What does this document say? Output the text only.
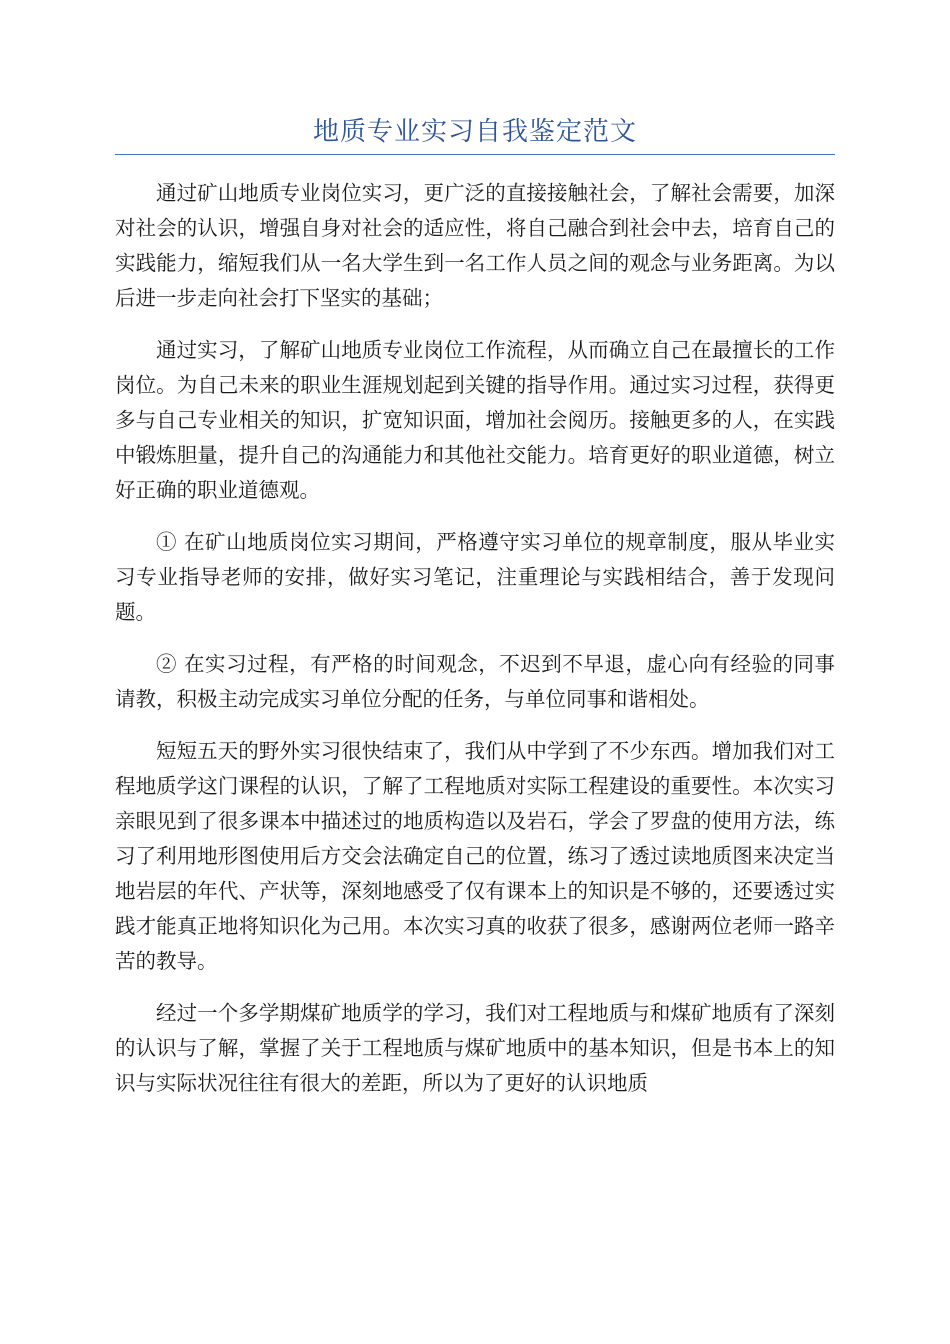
地质专业实习自我鉴定范文

通过矿山地质专业岗位实习，更广泛的直接接触社会，了解社会需要，加深对社会的认识，增强自身对社会的适应性，将自己融合到社会中去，培育自己的实践能力，缩短我们从一名大学生到一名工作人员之间的观念与业务距离。为以后进一步走向社会打下坚实的基础；

通过实习，了解矿山地质专业岗位工作流程，从而确立自己在最擅长的工作岗位。为自己未来的职业生涯规划起到关键的指导作用。通过实习过程，获得更多与自己专业相关的知识，扩宽知识面，增加社会阅历。接触更多的人，在实践中锻炼胆量，提升自己的沟通能力和其他社交能力。培育更好的职业道德，树立好正确的职业道德观。

① 在矿山地质岗位实习期间，严格遵守实习单位的规章制度，服从毕业实习专业指导老师的安排，做好实习笔记，注重理论与实践相结合，善于发现问题。

② 在实习过程，有严格的时间观念，不迟到不早退，虚心向有经验的同事请教，积极主动完成实习单位分配的任务，与单位同事和谐相处。

短短五天的野外实习很快结束了，我们从中学到了不少东西。增加我们对工程地质学这门课程的认识，了解了工程地质对实际工程建设的重要性。本次实习亲眼见到了很多课本中描述过的地质构造以及岩石，学会了罗盘的使用方法，练习了利用地形图使用后方交会法确定自己的位置，练习了透过读地质图来决定当地岩层的年代、产状等，深刻地感受了仅有课本上的知识是不够的，还要透过实践才能真正地将知识化为己用。本次实习真的收获了很多，感谢两位老师一路辛苦的教导。

经过一个多学期煤矿地质学的学习，我们对工程地质与和煤矿地质有了深刻的认识与了解，掌握了关于工程地质与煤矿地质中的基本知识，但是书本上的知识与实际状况往往有很大的差距，所以为了更好的认识地质
